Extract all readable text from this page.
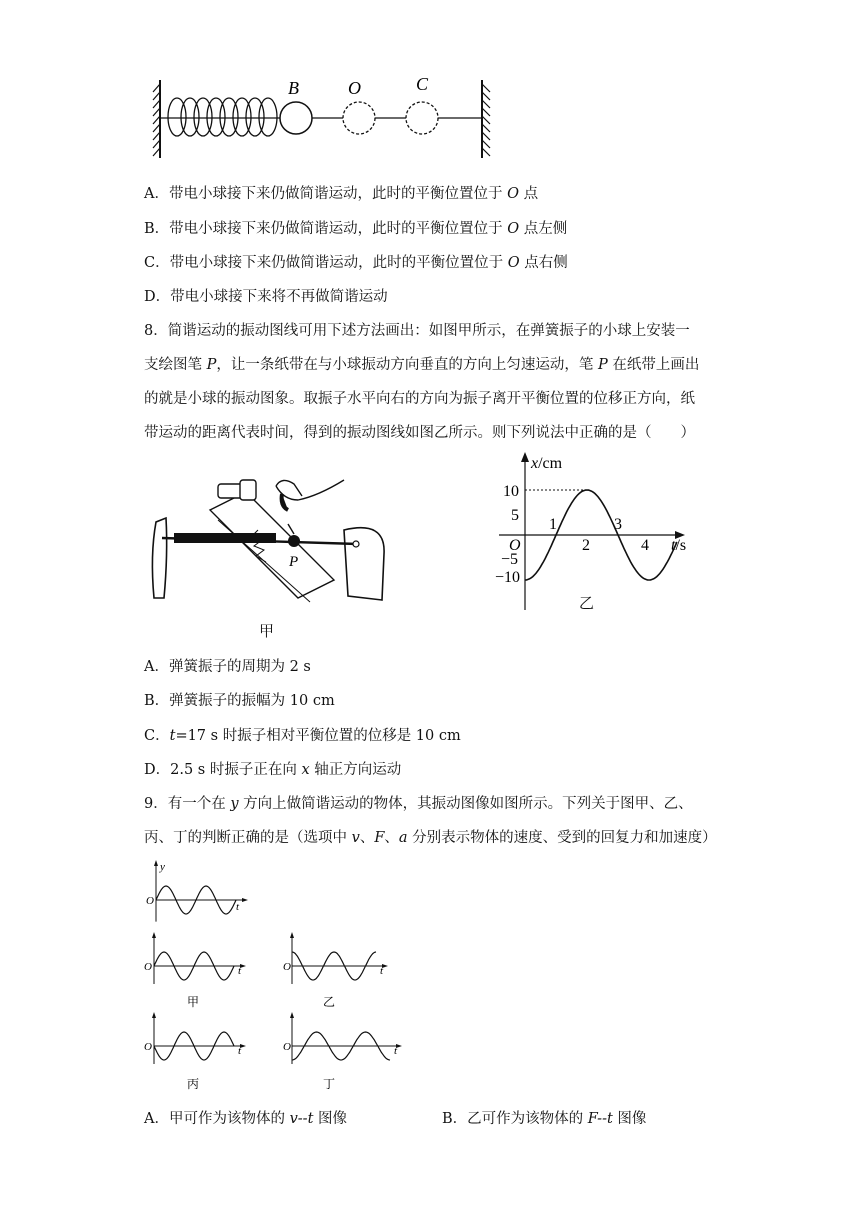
B	O	C
A．带电小球接下来仍做简谐运动，此时的平衡位置位于 O 点
B．带电小球接下来仍做简谐运动，此时的平衡位置位于 O 点左侧
C．带电小球接下来仍做简谐运动，此时的平衡位置位于 O 点右侧
D．带电小球接下来将不再做简谐运动
8．简谐运动的振动图线可用下述方法画出：如图甲所示，在弹簧振子的小球上安装一
支绘图笔 P，让一条纸带在与小球振动方向垂直的方向上匀速运动，笔 P 在纸带上画出
的就是小球的振动图象。取振子水平向右的方向为振子离开平衡位置的位移正方向，纸
带运动的距离代表时间，得到的振动图线如图乙所示。则下列说法中正确的是（　　）
P
甲
x/cm
t/s
O
10
5
−5
−10
1
2
3
4
乙
A．弹簧振子的周期为 2 s
B．弹簧振子的振幅为 10 cm
C．t=17 s 时振子相对平衡位置的位移是 10 cm
D．2.5 s 时振子正在向 x 轴正方向运动
9．有一个在 y 方向上做简谐运动的物体，其振动图像如图所示。下列关于图甲、乙、
丙、丁的判断正确的是（选项中 v、F、a 分别表示物体的速度、受到的回复力和加速度）
y
O	t
O	t	O	t
O	t	O	t
甲	乙
丙	丁
A．甲可作为该物体的 v--t 图像	B．乙可作为该物体的 F--t 图像
